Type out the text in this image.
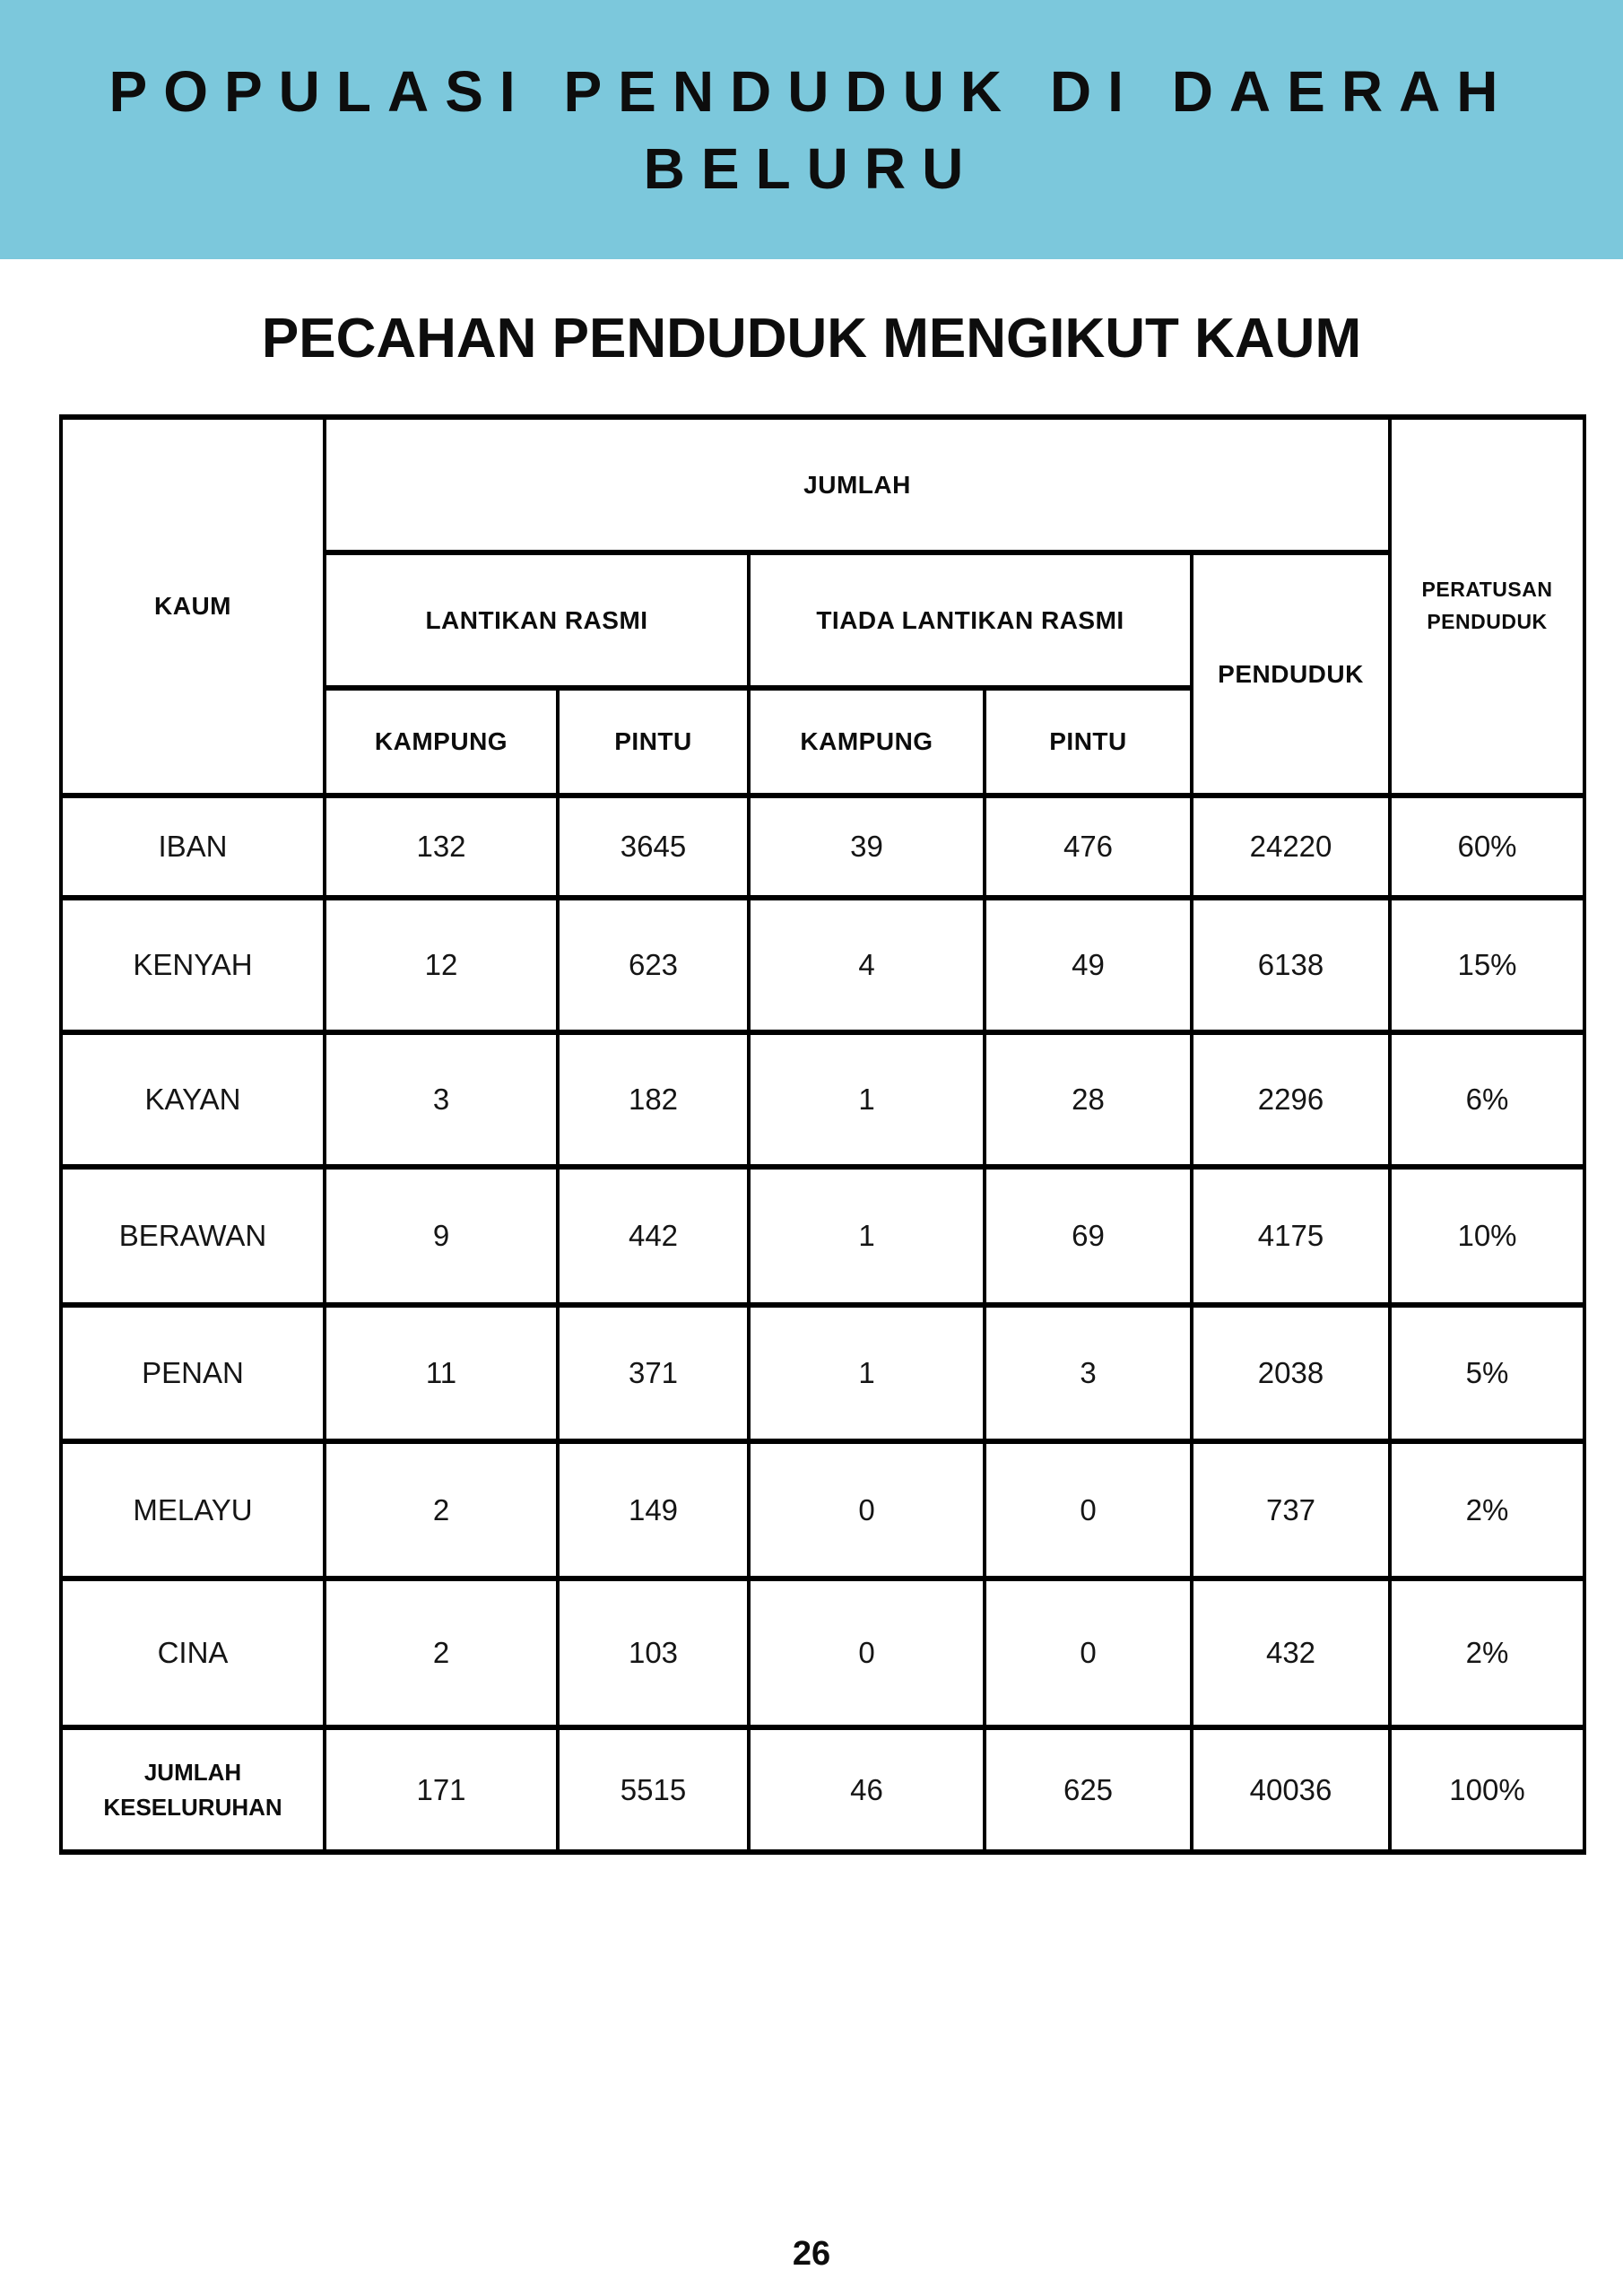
POPULASI PENDUDUK DI DAERAH
BELURU
PECAHAN PENDUDUK MENGIKUT KAUM
KAUM	JUMLAH					PERATUSAN PENDUDUK
	LANTIKAN RASMI		TIADA LANTIKAN RASMI		PENDUDUK	
	KAMPUNG	PINTU	KAMPUNG	PINTU		
IBAN	132	3645	39	476	24220	60%
KENYAH	12	623	4	49	6138	15%
KAYAN	3	182	1	28	2296	6%
BERAWAN	9	442	1	69	4175	10%
PENAN	11	371	1	3	2038	5%
MELAYU	2	149	0	0	737	2%
CINA	2	103	0	0	432	2%
JUMLAH KESELURUHAN	171	5515	46	625	40036	100%
26
